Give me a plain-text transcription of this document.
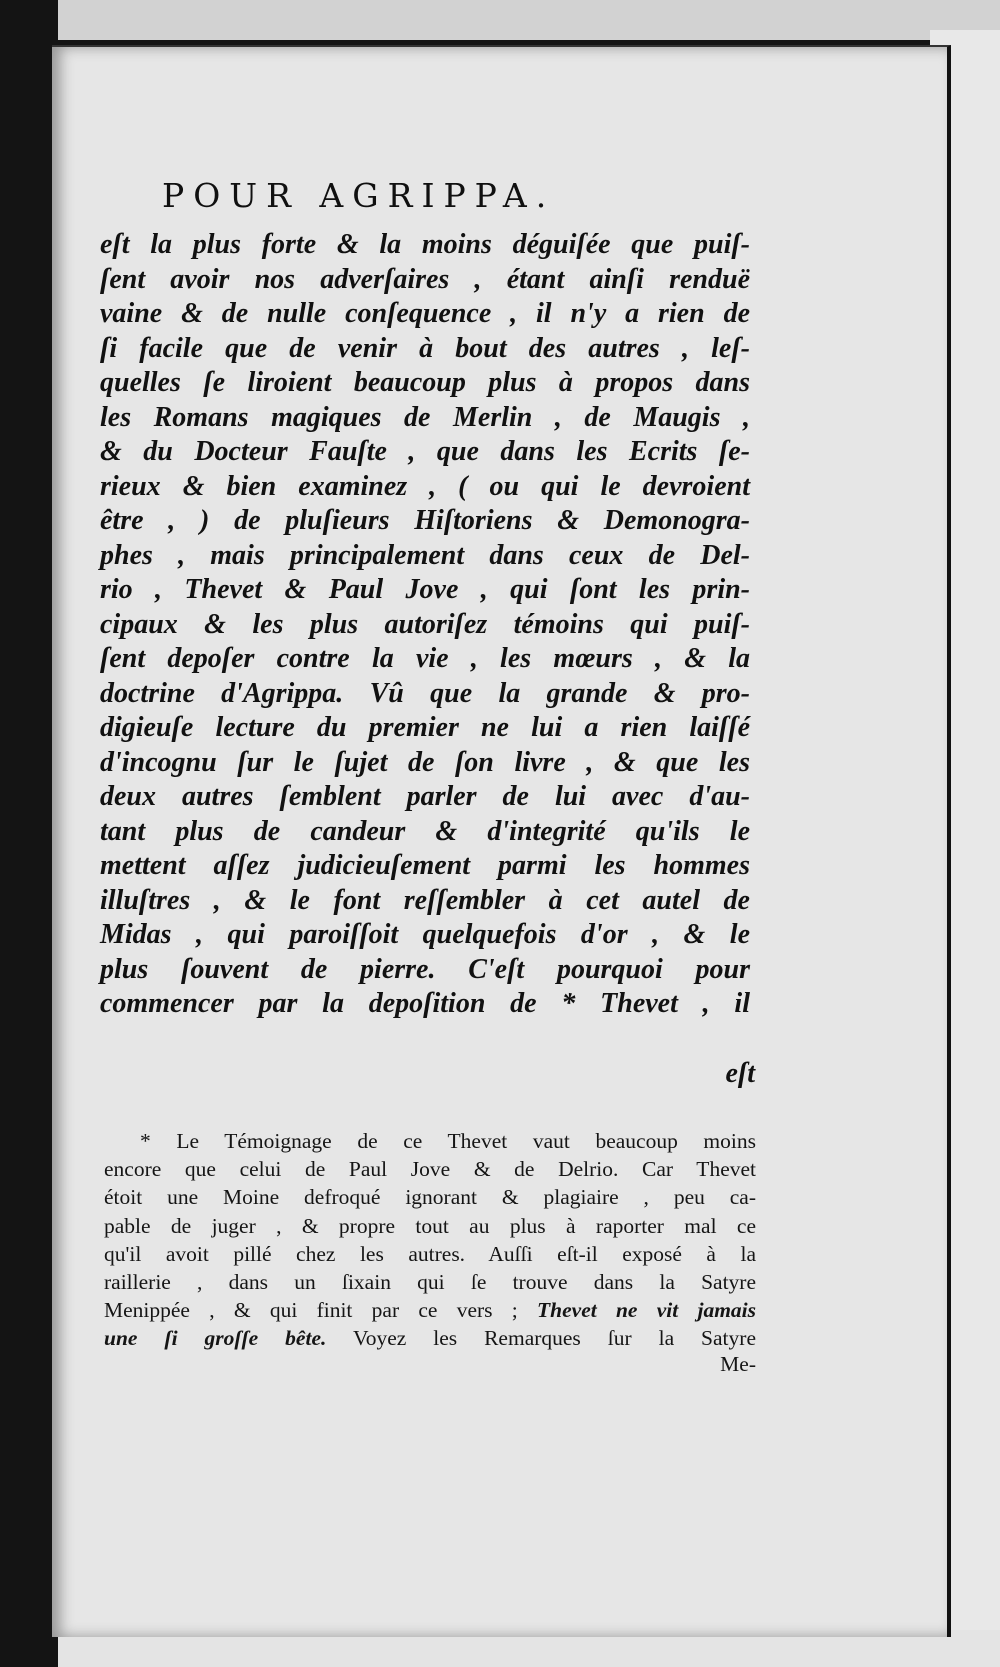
POUR AGRIPPA.
eſt la plus forte & la moins déguiſée que puiſ-
ſent avoir nos adverſaires , étant ainſi renduë
vaine & de nulle conſequence , il n'y a rien de
ſi facile que de venir à bout des autres , leſ-
quelles ſe liroient beaucoup plus à propos dans
les Romans magiques de Merlin , de Maugis ,
& du Docteur Fauſte , que dans les Ecrits ſe-
rieux & bien examinez , ( ou qui le devroient
être , ) de pluſieurs Hiſtoriens & Demonogra-
phes , mais principalement dans ceux de Del-
rio , Thevet & Paul Jove , qui ſont les prin-
cipaux & les plus autoriſez témoins qui puiſ-
ſent depoſer contre la vie , les mœurs , & la
doctrine d'Agrippa. Vû que la grande & pro-
digieuſe lecture du premier ne lui a rien laiſſé
d'incognu ſur le ſujet de ſon livre , & que les
deux autres ſemblent parler de lui avec d'au-
tant plus de candeur & d'integrité qu'ils le
mettent aſſez judicieuſement parmi les hommes
illuſtres , & le font reſſembler à cet autel de
Midas , qui paroiſſoit quelquefois d'or , & le
plus ſouvent de pierre. C'eſt pourquoi pour
commencer par la depoſition de * Thevet , il
eſt
* Le Témoignage de ce Thevet vaut beaucoup moins
encore que celui de Paul Jove & de Delrio. Car Thevet
étoit une Moine defroqué ignorant & plagiaire , peu ca-
pable de juger , & propre tout au plus à raporter mal ce
qu'il avoit pillé chez les autres. Auſſi eſt-il exposé à la
raillerie , dans un ſixain qui ſe trouve dans la Satyre
Menippée , & qui finit par ce vers ; Thevet ne vit jamais
une ſi groſſe bête. Voyez les Remarques ſur la Satyre
Me-
